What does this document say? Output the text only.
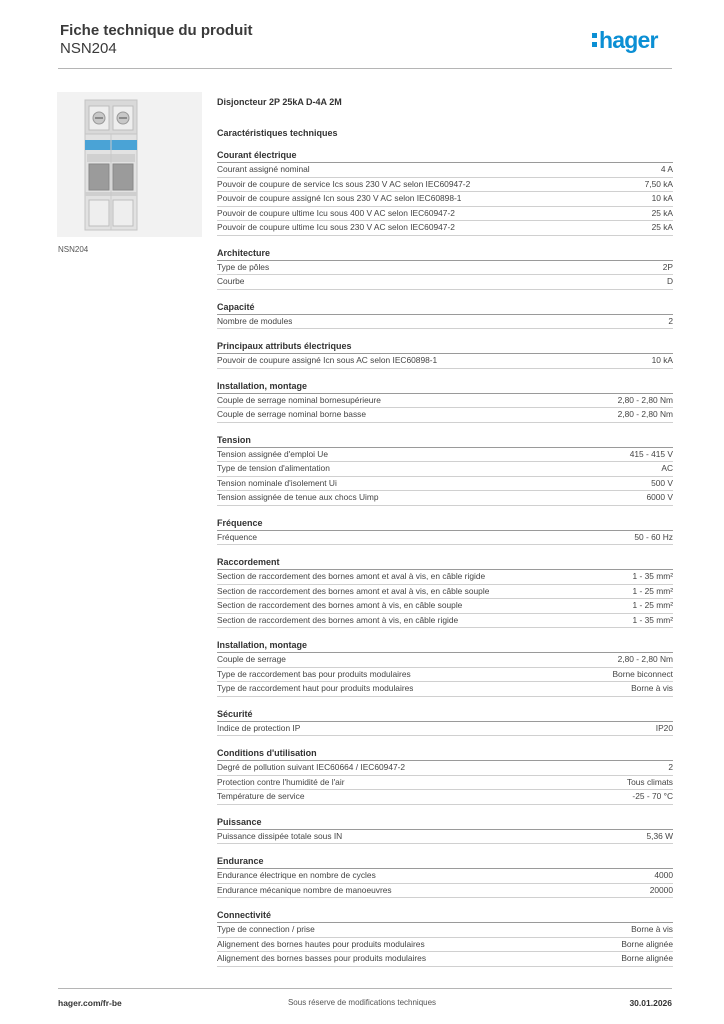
Fiche technique du produit
NSN204	hager
NSN204
Disjoncteur 2P 25kA D-4A 2M
Caractéristiques techniques
Courant électrique
Courant assigné nominal	4 A
Pouvoir de coupure de service Ics sous 230 V AC selon IEC60947-2	7,50 kA
Pouvoir de coupure assigné Icn sous 230 V AC selon IEC60898-1	10 kA
Pouvoir de coupure ultime Icu sous 400 V AC selon IEC60947-2	25 kA
Pouvoir de coupure ultime Icu sous 230 V AC selon IEC60947-2	25 kA
Architecture
Type de pôles	2P
Courbe	D
Capacité
Nombre de modules	2
Principaux attributs électriques
Pouvoir de coupure assigné Icn sous AC selon IEC60898-1	10 kA
Installation, montage
Couple de serrage nominal bornesupérieure	2,80 - 2,80 Nm
Couple de serrage nominal borne basse	2,80 - 2,80 Nm
Tension
Tension assignée d'emploi Ue	415 - 415 V
Type de tension d'alimentation	AC
Tension nominale d'isolement Ui	500 V
Tension assignée de tenue aux chocs Uimp	6000 V
Fréquence
Fréquence	50 - 60 Hz
Raccordement
Section de raccordement des bornes amont et aval à vis, en câble rigide	1 - 35 mm²
Section de raccordement des bornes amont et aval à vis, en câble souple	1 - 25 mm²
Section de raccordement des bornes amont à vis, en câble souple	1 - 25 mm²
Section de raccordement des bornes amont à vis, en câble rigide	1 - 35 mm²
Installation, montage
Couple de serrage	2,80 - 2,80 Nm
Type de raccordement bas pour produits modulaires	Borne biconnect
Type de raccordement haut pour produits modulaires	Borne à vis
Sécurité
Indice de protection IP	IP20
Conditions d'utilisation
Degré de pollution suivant IEC60664 / IEC60947-2	2
Protection contre l'humidité de l'air	Tous climats
Température de service	-25 - 70 °C
Puissance
Puissance dissipée totale sous IN	5,36 W
Endurance
Endurance électrique en nombre de cycles	4000
Endurance mécanique nombre de manoeuvres	20000
Connectivité
Type de connection / prise	Borne à vis
Alignement des bornes hautes pour produits modulaires	Borne alignée
Alignement des bornes basses pour produits modulaires	Borne alignée
hager.com/fr-be	Sous réserve de modifications techniques	30.01.2026
